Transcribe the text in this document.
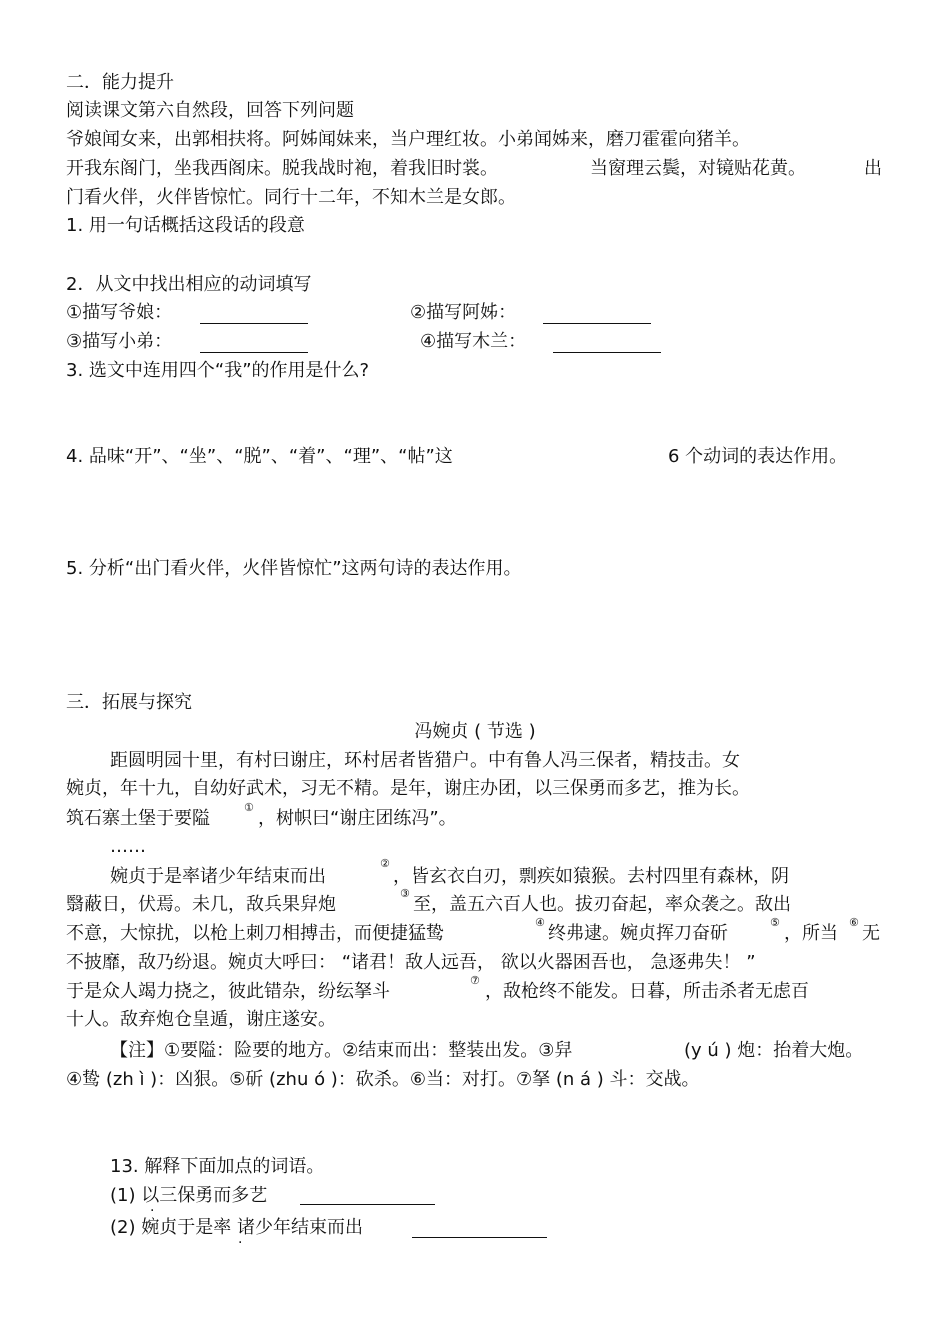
二．能力提升
阅读课文第六自然段，回答下列问题
爷娘闻女来，出郭相扶将。阿姊闻妹来，当户理红妆。小弟闻姊来，磨刀霍霍向猪羊。
开我东阁门，坐我西阁床。脱我战时袍，着我旧时裳。	当窗理云鬓，对镜贴花黄。	出
门看火伴，火伴皆惊忙。同行十二年，不知木兰是女郎。
1. 用一句话概括这段话的段意
2．从文中找出相应的动词填写
①描写爷娘：	②描写阿姊：
③描写小弟：	④描写木兰：
3. 选文中连用四个“我”的作用是什么?
4. 品味“开”、“坐”、“脱”、“着”、“理”、“帖”这	6 个动词的表达作用。
5. 分析“出门看火伴，火伴皆惊忙”这两句诗的表达作用。
三．拓展与探究
冯婉贞 ( 节选 )
距圆明园十里，有村曰谢庄，环村居者皆猎户。中有鲁人冯三保者，精技击。女
婉贞，年十九，自幼好武术，习无不精。是年，谢庄办团，以三保勇而多艺，推为长。
筑石寨土堡于要隘
①
，树帜曰“谢庄团练冯”。
……
婉贞于是率诸少年结束而出
②
，皆玄衣白刃，剽疾如猿猴。去村四里有森林，阴
翳蔽日，伏焉。未几，敌兵果舁炮
③
至，盖五六百人也。拔刃奋起，率众袭之。敌出
不意，大惊扰，以枪上刺刀相搏击，而便捷猛鸷
④
终弗逮。婉贞挥刀奋斫
⑤
，所当
⑥
无
不披靡，敌乃纷退。婉贞大呼曰： “诸君！敌人远吾， 欲以火器困吾也， 急逐弗失！ ”
于是众人竭力挠之，彼此错杂，纷纭拏斗
⑦
，敌枪终不能发。日暮，所击杀者无虑百
十人。敌弃炮仓皇遁，谢庄遂安。
【注】①要隘：险要的地方。②结束而出：整装出发。③舁	(y ú ) 炮：抬着大炮。
④鸷 (zh ì )：凶狠。⑤斫 (zhu ó )：砍杀。⑥当：对打。⑦拏 (n á ) 斗：交战。
13. 解释下面加点的词语。
(1) 以三保勇而多艺
·
(2) 婉贞于是率 诸少年结束而出
·
